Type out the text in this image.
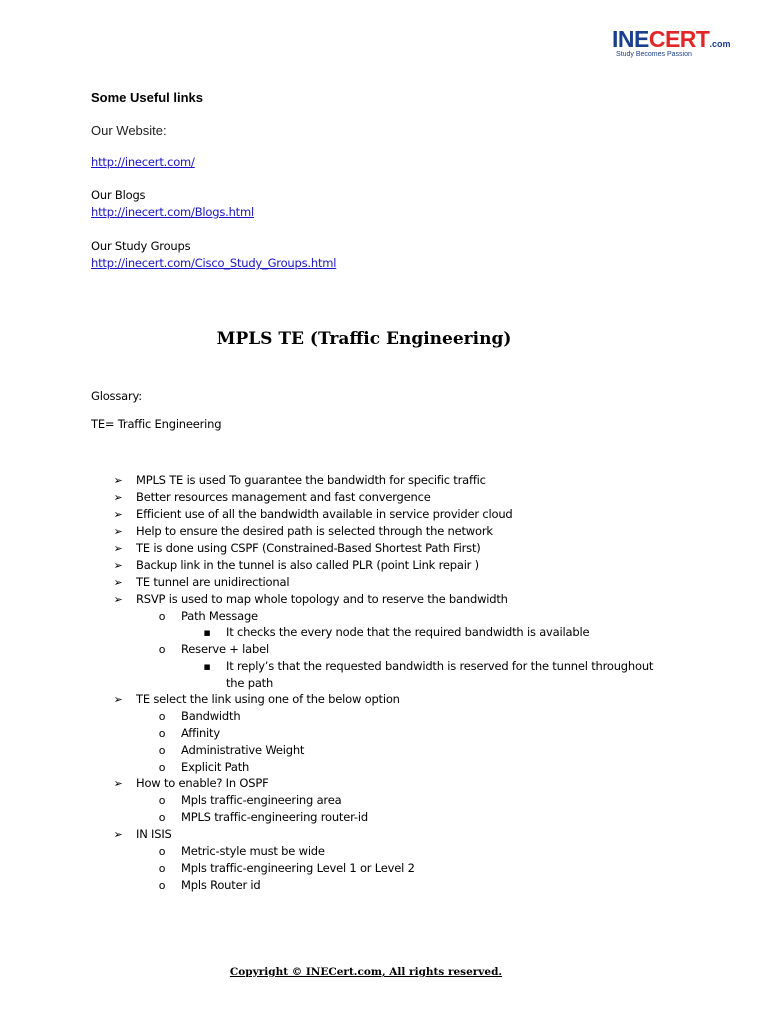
INECERT.com
Study Becomes Passion
Some Useful links
Our Website:
http://inecert.com/
Our Blogs
http://inecert.com/Blogs.html
Our Study Groups
http://inecert.com/Cisco_Study_Groups.html
MPLS TE (Traffic Engineering)
Glossary:
TE= Traffic Engineering
➢ MPLS TE is used To guarantee the bandwidth for specific traffic
➢ Better resources management and fast convergence
➢ Efficient use of all the bandwidth available in service provider cloud
➢ Help to ensure the desired path is selected through the network
➢ TE is done using CSPF (Constrained-Based Shortest Path First)
➢ Backup link in the tunnel is also called PLR (point Link repair )
➢ TE tunnel are unidirectional
➢ RSVP is used to map whole topology and to reserve the bandwidth
o	Path Message
▪ It checks the every node that the required bandwidth is available
o	Reserve + label
▪ It reply’s that the requested bandwidth is reserved for the tunnel throughout
the path
➢ TE select the link using one of the below option
o	Bandwidth
o	Affinity
o	Administrative Weight
o	Explicit Path
➢ How to enable? In OSPF
o	Mpls traffic-engineering area
o	MPLS traffic-engineering router-id
➢ IN ISIS
o	Metric-style must be wide
o	Mpls traffic-engineering Level 1 or Level 2
o	Mpls Router id
Copyright © INECert.com, All rights reserved.
